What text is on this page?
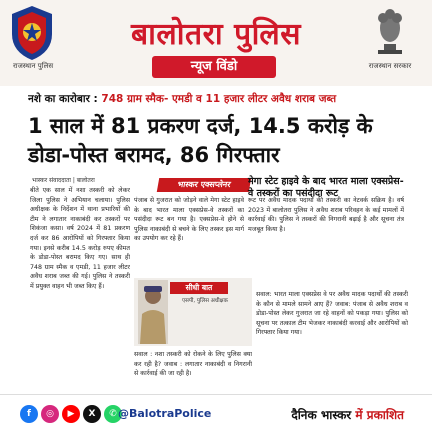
राजस्थान पुलिस
बालोतरा पुलिस
न्यूज विंडो	राजस्थान सरकार
नशे का कारोबार : 748 ग्राम स्मैक- एमडी व 11 हजार लीटर अवैध शराब जब्त
1 साल में 81 प्रकरण दर्ज, 14.5 करोड़ के डोडा-पोस्त बरामद, 86 गिरफ्तार
भास्कर संवाददाता | बालोतरा
बीते एक साल में नशा तस्करी को लेकर जिला पुलिस ने अभियान चलाया। पुलिस अधीक्षक के निर्देशन में थाना प्रभारियों की टीम ने लगातार नाकाबंदी कर तस्करों पर शिकंजा कसा। वर्ष 2024 में 81 प्रकरण दर्ज कर 86 आरोपियों को गिरफ्तार किया गया। इनसे करीब 14.5 करोड़ रुपए कीमत के डोडा-पोस्त बरामद किए गए। साथ ही 748 ग्राम स्मैक व एमडी, 11 हजार लीटर अवैध शराब जब्त की गई। पुलिस ने तस्करी में प्रयुक्त वाहन भी जब्त किए हैं।
भास्कर एक्सप्लेनर	मेगा स्टेट हाइवे के बाद भारत माला एक्सप्रेस-वे तस्करों का पसंदीदा रूट
पंजाब से गुजरात को जोड़ने वाले मेगा स्टेट हाइवे के बाद भारत माला एक्सप्रेस-वे तस्करों का पसंदीदा रूट बन गया है। एक्सप्रेस-वे होने से पुलिस नाकाबंदी से बचने के लिए तस्कर इस मार्ग का उपयोग कर रहे हैं।
रूट पर अवैध मादक पदार्थों की तस्करी का नेटवर्क सक्रिय है। वर्ष 2023 में बालोतरा पुलिस ने अवैध शराब परिवहन के कई मामलों में कार्रवाई की। पुलिस ने तस्करों की निगरानी बढ़ाई है और सूचना तंत्र मजबूत किया है।
सीधी बात
एसपी, पुलिस अधीक्षक
सवाल : नशा तस्करी को रोकने के लिए पुलिस क्या कर रही है? जवाब : लगातार नाकाबंदी व निगरानी से कार्रवाई की जा रही है।
सवाल: भारत माला एक्सप्रेस वे पर अवैध मादक पदार्थों की तस्करी के कौन से मामले सामने आए हैं? जवाब: पंजाब से अवैध शराब व डोडा-पोस्त लेकर गुजरात जा रहे वाहनों को पकड़ा गया। पुलिस को सूचना पर तत्काल टीम भेजकर नाकाबंदी करवाई और आरोपियों को गिरफ्तार किया गया।
f	◎	▶	X	✆ @BalotraPolice	दैनिक भास्कर में प्रकाशित
